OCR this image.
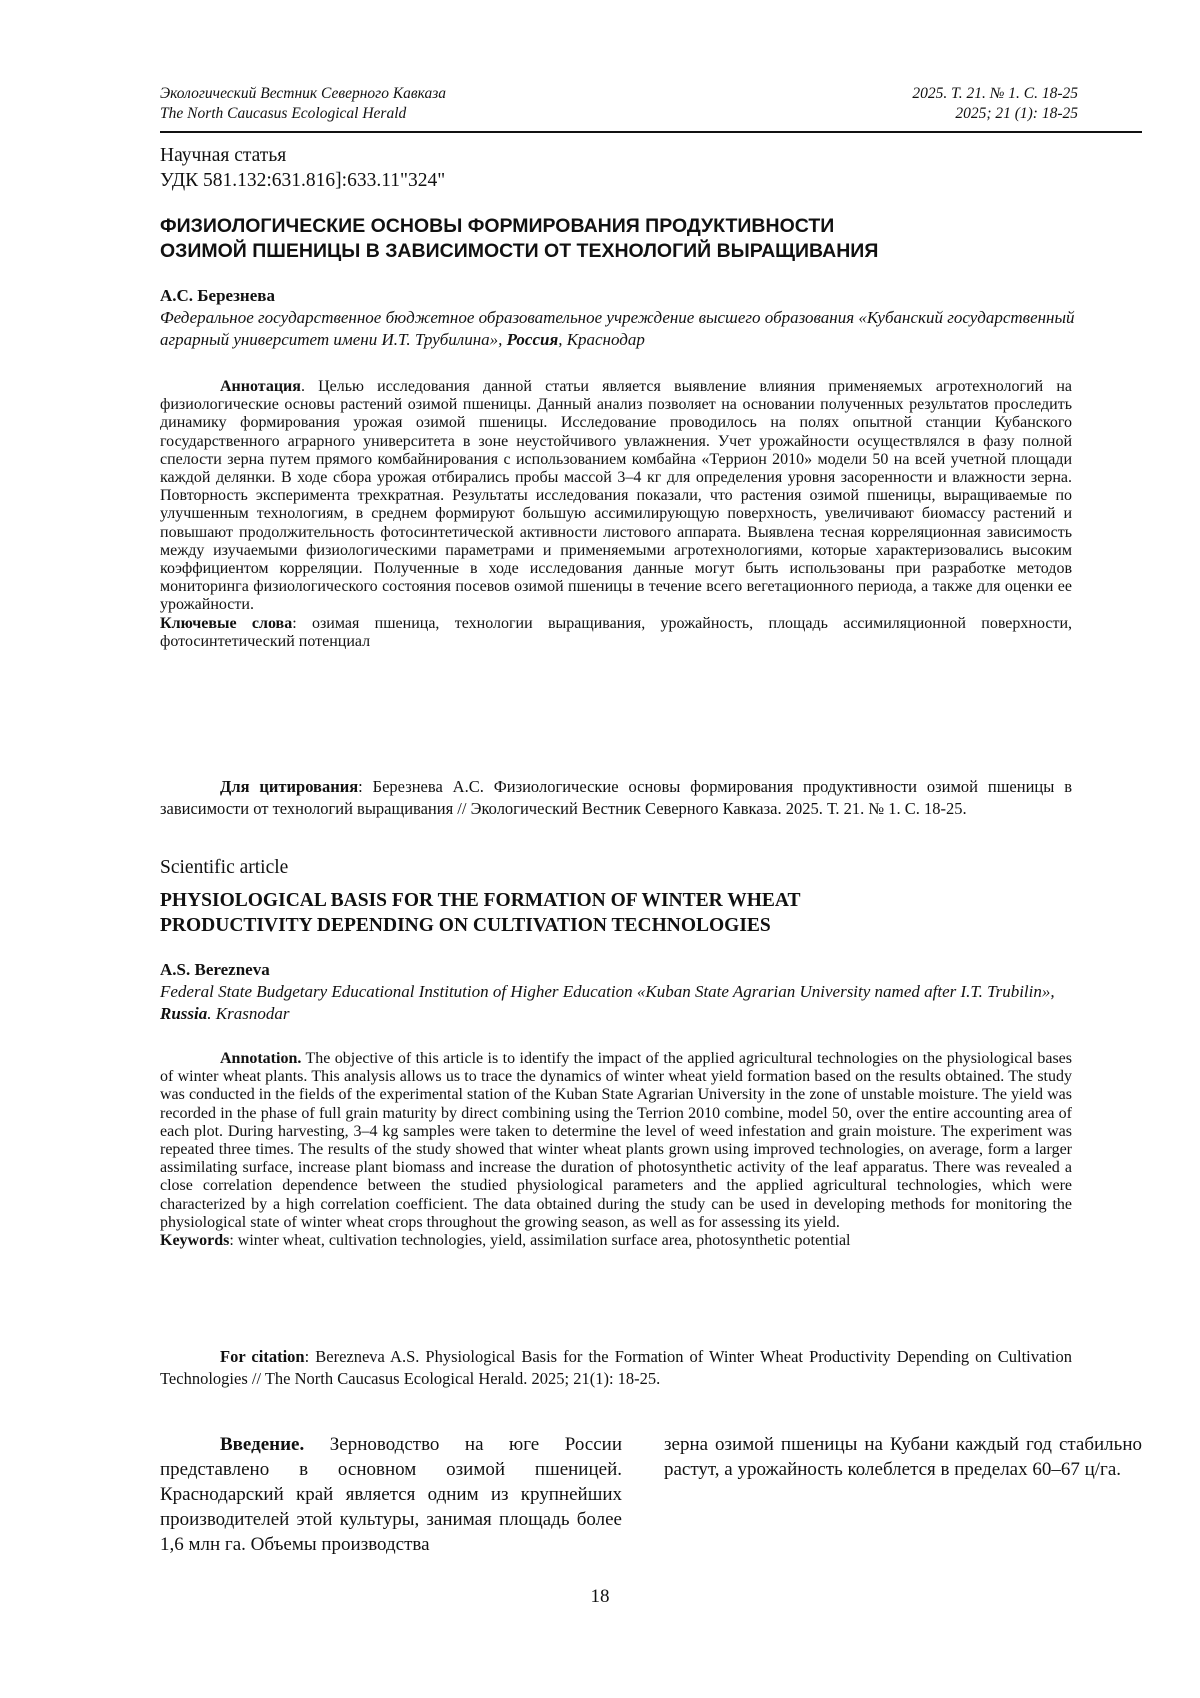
Экологический Вестник Северного Кавказа	2025. Т. 21. № 1. С. 18-25
The North Caucasus Ecological Herald	2025; 21 (1): 18-25
Научная статья
УДК 581.132:631.816]:633.11"324"
ФИЗИОЛОГИЧЕСКИЕ ОСНОВЫ ФОРМИРОВАНИЯ ПРОДУКТИВНОСТИ
ОЗИМОЙ ПШЕНИЦЫ В ЗАВИСИМОСТИ ОТ ТЕХНОЛОГИЙ ВЫРАЩИВАНИЯ
А.С. Березнева
Федеральное государственное бюджетное образовательное учреждение высшего образования «Кубанский государственный аграрный университет имени И.Т. Трубилина», Россия, Краснодар

Аннотация. Целью исследования данной статьи является выявление влияния применяемых агротехнологий на физиологические основы растений озимой пшеницы. Данный анализ позволяет на основании полученных результатов проследить динамику формирования урожая озимой пшеницы. Исследование проводилось на полях опытной станции Кубанского государственного аграрного университета в зоне неустойчивого увлажнения. Учет урожайности осуществлялся в фазу полной спелости зерна путем прямого комбайнирования с использованием комбайна «Террион 2010» модели 50 на всей учетной площади каждой делянки. В ходе сбора урожая отбирались пробы массой 3–4 кг для определения уровня засоренности и влажности зерна. Повторность эксперимента трехкратная. Результаты исследования показали, что растения озимой пшеницы, выращиваемые по улучшенным технологиям, в среднем формируют большую ассимилирующую поверхность, увеличивают биомассу растений и повышают продолжительность фотосинтетической активности листового аппарата. Выявлена тесная корреляционная зависимость между изучаемыми физиологическими параметрами и применяемыми агротехнологиями, которые характеризовались высоким коэффициентом корреляции. Полученные в ходе исследования данные могут быть использованы при разработке методов мониторинга физиологического состояния посевов озимой пшеницы в течение всего вегетационного периода, а также для оценки ее урожайности.

Ключевые слова: озимая пшеница, технологии выращивания, урожайность, площадь ассимиляционной поверхности, фотосинтетический потенциал

Для цитирования: Березнева А.С. Физиологические основы формирования продуктивности озимой пшеницы в зависимости от технологий выращивания // Экологический Вестник Северного Кавказа. 2025. Т. 21. № 1. С. 18-25.
Scientific article
PHYSIOLOGICAL BASIS FOR THE FORMATION OF WINTER WHEAT
PRODUCTIVITY DEPENDING ON CULTIVATION TECHNOLOGIES
A.S. Berezneva
Federal State Budgetary Educational Institution of Higher Education «Kuban State Agrarian University named after I.T. Trubilin», Russia. Krasnodar

Annotation. The objective of this article is to identify the impact of the applied agricultural technologies on the physiological bases of winter wheat plants. This analysis allows us to trace the dynamics of winter wheat yield formation based on the results obtained. The study was conducted in the fields of the experimental station of the Kuban State Agrarian University in the zone of unstable moisture. The yield was recorded in the phase of full grain maturity by direct combining using the Terrion 2010 combine, model 50, over the entire accounting area of each plot. During harvesting, 3–4 kg samples were taken to determine the level of weed infestation and grain moisture. The experiment was repeated three times. The results of the study showed that winter wheat plants grown using improved technologies, on average, form a larger assimilating surface, increase plant biomass and increase the duration of photosynthetic activity of the leaf apparatus. There was revealed a close correlation dependence between the studied physiological parameters and the applied agricultural technologies, which were characterized by a high correlation coefficient. The data obtained during the study can be used in developing methods for monitoring the physiological state of winter wheat crops throughout the growing season, as well as for assessing its yield.

Keywords: winter wheat, cultivation technologies, yield, assimilation surface area, photosynthetic potential

For citation: Berezneva A.S. Physiological Basis for the Formation of Winter Wheat Productivity Depending on Cultivation Technologies // The North Caucasus Ecological Herald. 2025; 21(1): 18-25.
Введение. Зерноводство на юге России представлено в основном озимой пшеницей. Краснодарский край является одним из крупнейших производителей этой культуры, занимая площадь более 1,6 млн га. Объемы производства
зерна озимой пшеницы на Кубани каждый год стабильно растут, а урожайность колеблется в пределах 60–67 ц/га.
18
